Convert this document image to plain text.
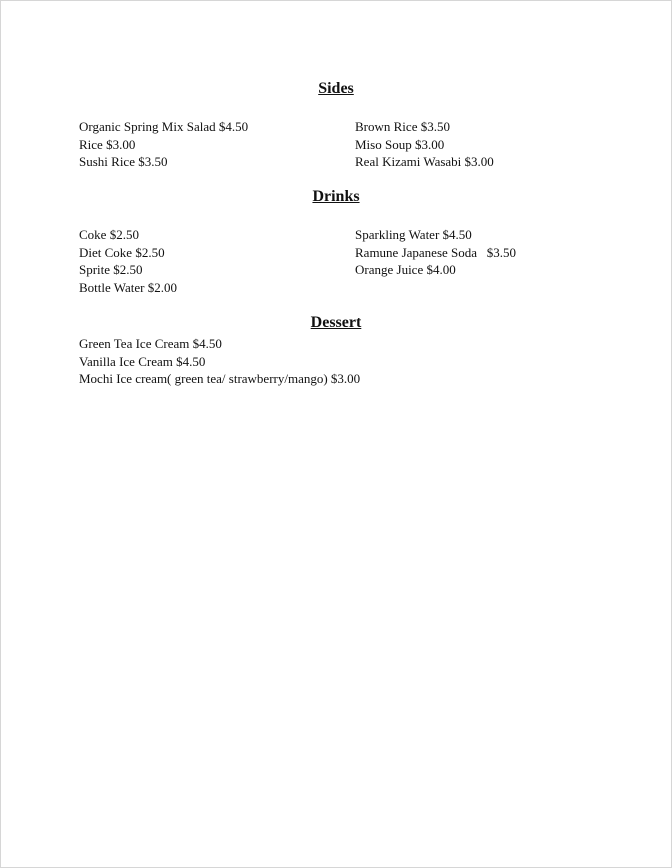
Sides
Organic Spring Mix Salad $4.50
Rice $3.00
Sushi Rice $3.50
Brown Rice $3.50
Miso Soup $3.00
Real Kizami Wasabi $3.00
Drinks
Coke $2.50
Diet Coke $2.50
Sprite $2.50
Bottle Water $2.00
Sparkling Water $4.50
Ramune Japanese Soda   $3.50
Orange Juice $4.00
Dessert
Green Tea Ice Cream $4.50
Vanilla Ice Cream $4.50
Mochi Ice cream( green tea/ strawberry/mango) $3.00
